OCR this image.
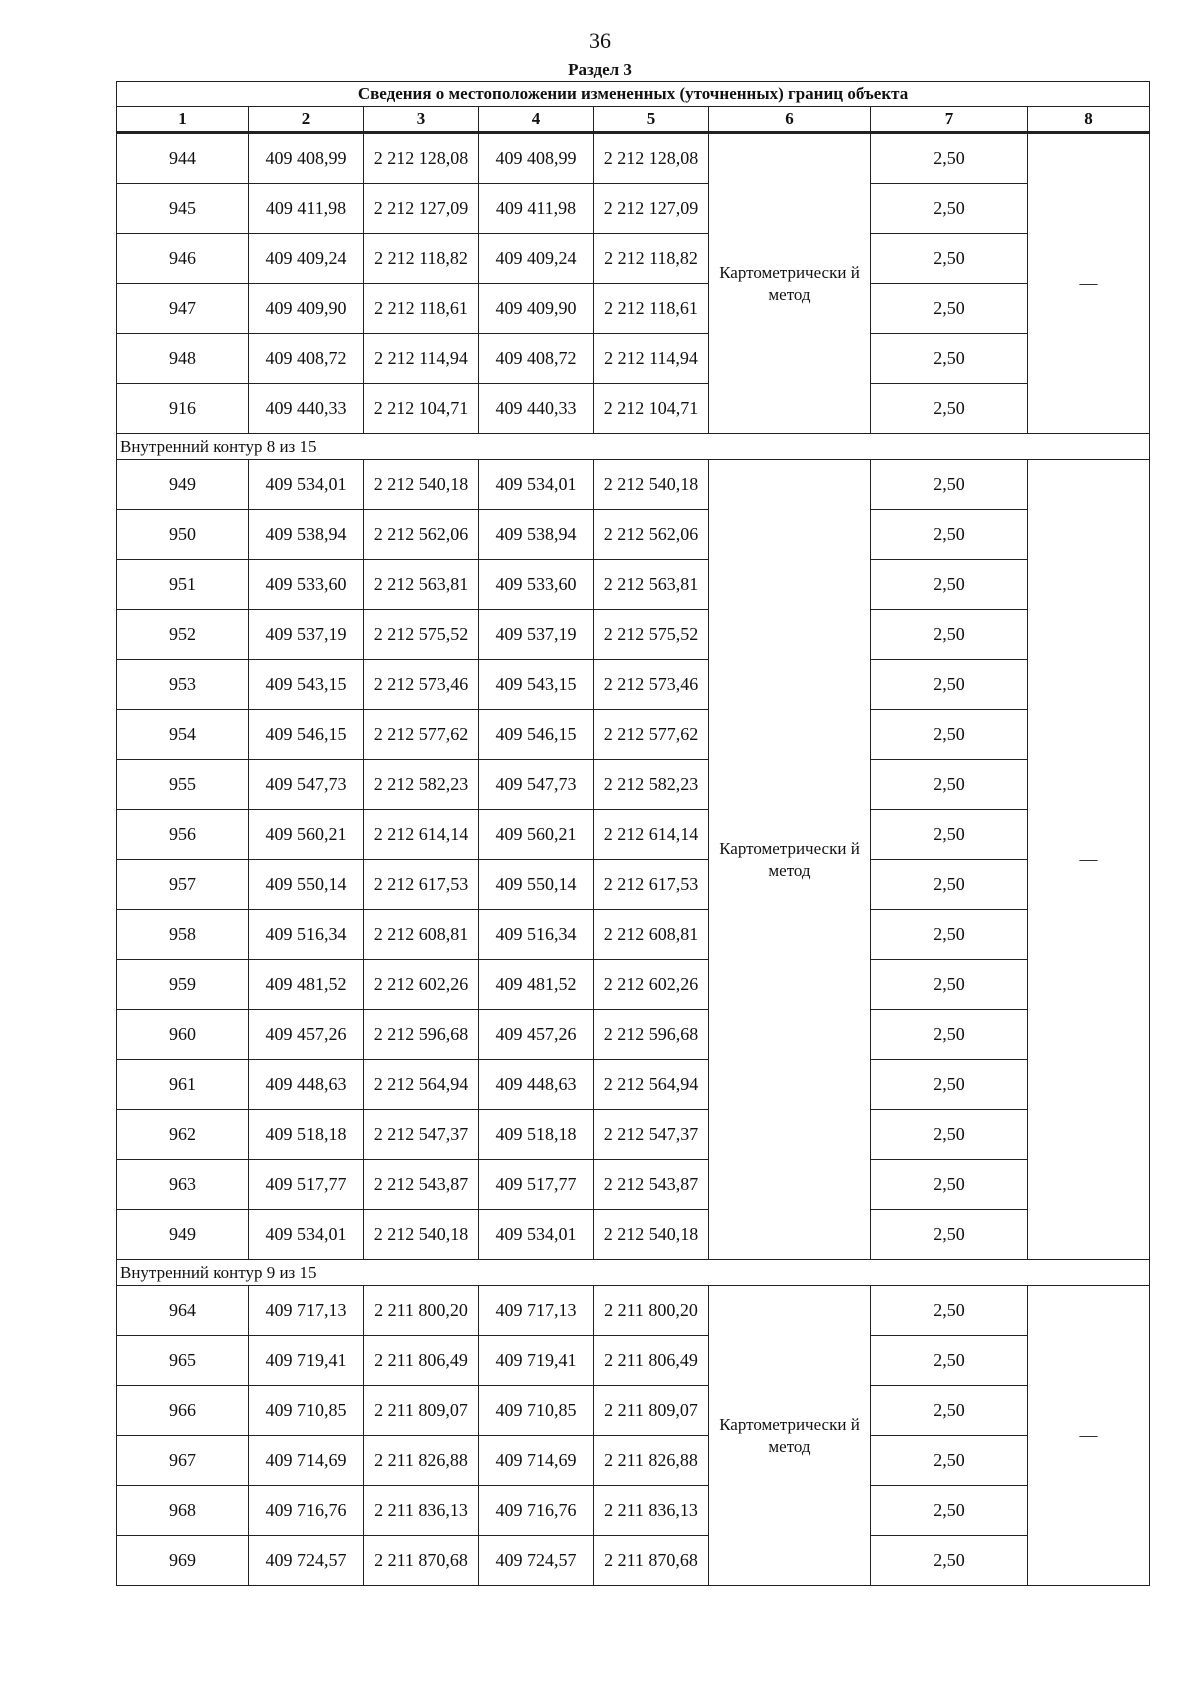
36
Раздел 3
Сведения о местоположении измененных (уточненных) границ объекта							
1	2	3	4	5	6	7	8
944	409 408,99	2 212 128,08	409 408,99	2 212 128,08	Картометрически й метод	2,50	—
945	409 411,98	2 212 127,09	409 411,98	2 212 127,09		2,50	
946	409 409,24	2 212 118,82	409 409,24	2 212 118,82		2,50	
947	409 409,90	2 212 118,61	409 409,90	2 212 118,61		2,50	
948	409 408,72	2 212 114,94	409 408,72	2 212 114,94		2,50	
916	409 440,33	2 212 104,71	409 440,33	2 212 104,71		2,50	
Внутренний контур 8 из 15							
949	409 534,01	2 212 540,18	409 534,01	2 212 540,18	Картометрически й метод	2,50	—
950	409 538,94	2 212 562,06	409 538,94	2 212 562,06		2,50	
951	409 533,60	2 212 563,81	409 533,60	2 212 563,81		2,50	
952	409 537,19	2 212 575,52	409 537,19	2 212 575,52		2,50	
953	409 543,15	2 212 573,46	409 543,15	2 212 573,46		2,50	
954	409 546,15	2 212 577,62	409 546,15	2 212 577,62		2,50	
955	409 547,73	2 212 582,23	409 547,73	2 212 582,23		2,50	
956	409 560,21	2 212 614,14	409 560,21	2 212 614,14		2,50	
957	409 550,14	2 212 617,53	409 550,14	2 212 617,53		2,50	
958	409 516,34	2 212 608,81	409 516,34	2 212 608,81		2,50	
959	409 481,52	2 212 602,26	409 481,52	2 212 602,26		2,50	
960	409 457,26	2 212 596,68	409 457,26	2 212 596,68		2,50	
961	409 448,63	2 212 564,94	409 448,63	2 212 564,94		2,50	
962	409 518,18	2 212 547,37	409 518,18	2 212 547,37		2,50	
963	409 517,77	2 212 543,87	409 517,77	2 212 543,87		2,50	
949	409 534,01	2 212 540,18	409 534,01	2 212 540,18		2,50	
Внутренний контур 9 из 15							
964	409 717,13	2 211 800,20	409 717,13	2 211 800,20	Картометрически й метод	2,50	—
965	409 719,41	2 211 806,49	409 719,41	2 211 806,49		2,50	
966	409 710,85	2 211 809,07	409 710,85	2 211 809,07		2,50	
967	409 714,69	2 211 826,88	409 714,69	2 211 826,88		2,50	
968	409 716,76	2 211 836,13	409 716,76	2 211 836,13		2,50	
969	409 724,57	2 211 870,68	409 724,57	2 211 870,68		2,50	
